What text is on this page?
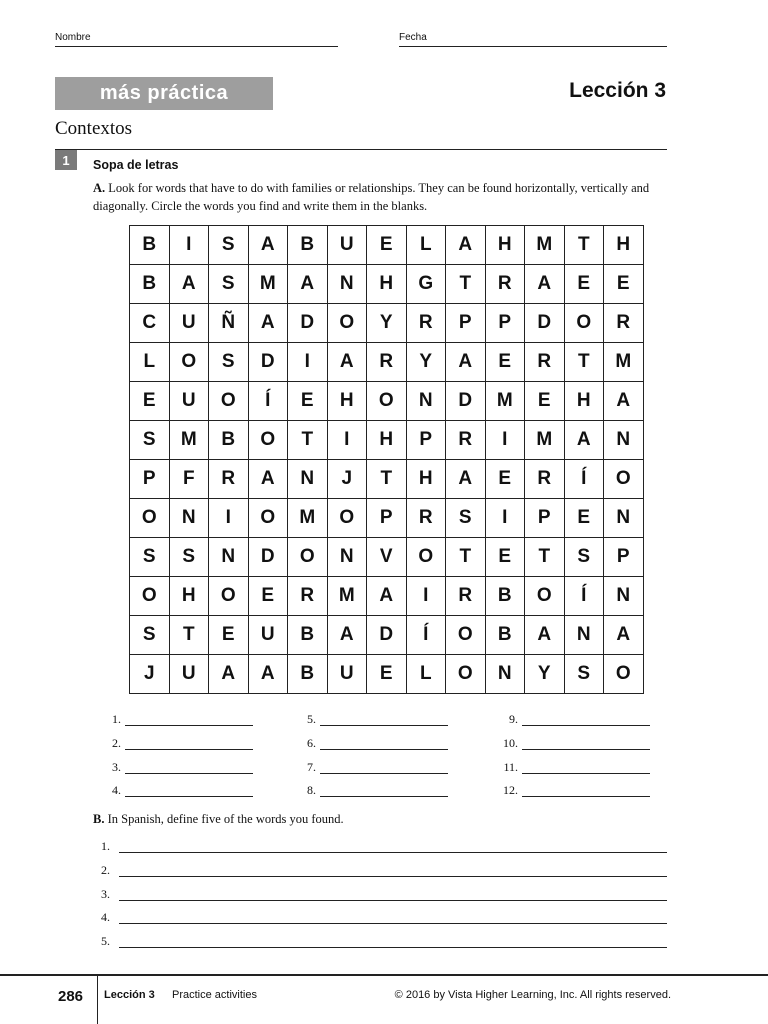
Nombre	Fecha
más práctica	Lección 3
Contextos
1	Sopa de letras
A. Look for words that have to do with families or relationships. They can be found horizontally, vertically and diagonally. Circle the words you find and write them in the blanks.
B	I	S	A	B	U	E	L	A	H	M	T	H
B	A	S	M	A	N	H	G	T	R	A	E	E
C	U	Ñ	A	D	O	Y	R	P	P	D	O	R
L	O	S	D	I	A	R	Y	A	E	R	T	M
E	U	O	Í	E	H	O	N	D	M	E	H	A
S	M	B	O	T	I	H	P	R	I	M	A	N
P	F	R	A	N	J	T	H	A	E	R	Í	O
O	N	I	O	M	O	P	R	S	I	P	E	N
S	S	N	D	O	N	V	O	T	E	T	S	P
O	H	O	E	R	M	A	I	R	B	O	Í	N
S	T	E	U	B	A	D	Í	O	B	A	N	A
J	U	A	A	B	U	E	L	O	N	Y	S	O
1.
2.
3.
4.
5.
6.
7.
8.
9.
10.
11.
12.
B. In Spanish, define five of the words you found.
1.
2.
3.
4.
5.
286 Lección 3 Practice activities	© 2016 by Vista Higher Learning, Inc. All rights reserved.
